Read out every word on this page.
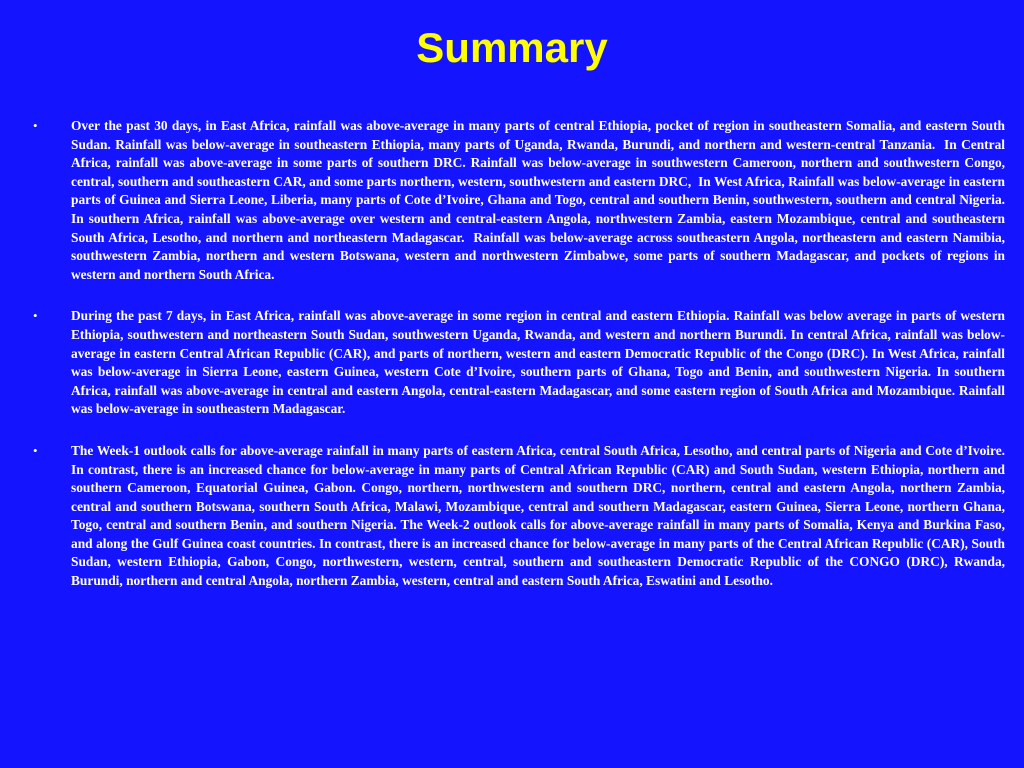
Summary
• Over the past 30 days, in East Africa, rainfall was above-average in many parts of central Ethiopia, pocket of region in southeastern Somalia, and eastern South Sudan. Rainfall was below-average in southeastern Ethiopia, many parts of Uganda, Rwanda, Burundi, and northern and western-central Tanzania.  In Central Africa, rainfall was above-average in some parts of southern DRC. Rainfall was below-average in southwestern Cameroon, northern and southwestern Congo, central, southern and southeastern CAR, and some parts northern, western, southwestern and eastern DRC,  In West Africa, Rainfall was below-average in eastern parts of Guinea and Sierra Leone, Liberia, many parts of Cote d’Ivoire, Ghana and Togo, central and southern Benin, southwestern, southern and central Nigeria. In southern Africa, rainfall was above-average over western and central-eastern Angola, northwestern Zambia, eastern Mozambique, central and southeastern South Africa, Lesotho, and northern and northeastern Madagascar.  Rainfall was below-average across southeastern Angola, northeastern and eastern Namibia, southwestern Zambia, northern and western Botswana, western and northwestern Zimbabwe, some parts of southern Madagascar, and pockets of regions in western and northern South Africa.

• During the past 7 days, in East Africa, rainfall was above-average in some region in central and eastern Ethiopia. Rainfall was below average in parts of western Ethiopia, southwestern and northeastern South Sudan, southwestern Uganda, Rwanda, and western and northern Burundi. In central Africa, rainfall was below-average in eastern Central African Republic (CAR), and parts of northern, western and eastern Democratic Republic of the Congo (DRC). In West Africa, rainfall was below-average in Sierra Leone, eastern Guinea, western Cote d’Ivoire, southern parts of Ghana, Togo and Benin, and southwestern Nigeria. In southern Africa, rainfall was above-average in central and eastern Angola, central-eastern Madagascar, and some eastern region of South Africa and Mozambique. Rainfall was below-average in southeastern Madagascar.

• The Week-1 outlook calls for above-average rainfall in many parts of eastern Africa, central South Africa, Lesotho, and central parts of Nigeria and Cote d’Ivoire. In contrast, there is an increased chance for below-average in many parts of Central African Republic (CAR) and South Sudan, western Ethiopia, northern and southern Cameroon, Equatorial Guinea, Gabon. Congo, northern, northwestern and southern DRC, northern, central and eastern Angola, northern Zambia, central and southern Botswana, southern South Africa, Malawi, Mozambique, central and southern Madagascar, eastern Guinea, Sierra Leone, northern Ghana, Togo, central and southern Benin, and southern Nigeria. The Week-2 outlook calls for above-average rainfall in many parts of Somalia, Kenya and Burkina Faso, and along the Gulf Guinea coast countries. In contrast, there is an increased chance for below-average in many parts of the Central African Republic (CAR), South Sudan, western Ethiopia, Gabon, Congo, northwestern, western, central, southern and southeastern Democratic Republic of the CONGO (DRC), Rwanda, Burundi, northern and central Angola, northern Zambia, western, central and eastern South Africa, Eswatini and Lesotho.
